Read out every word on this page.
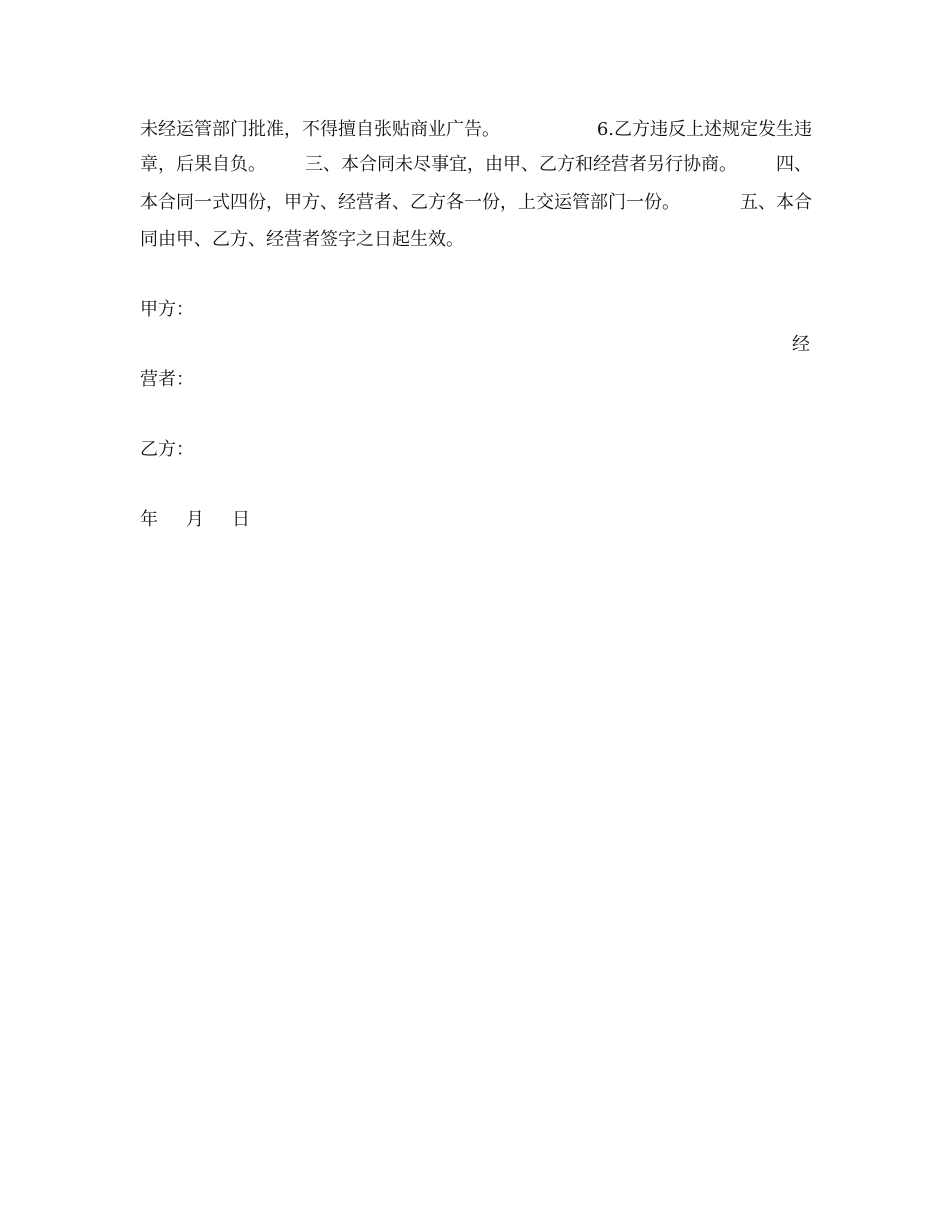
未经运管部门批准，不得擅自张贴商业广告。	6.乙方违反上述规定发生违
章，后果自负。 三、本合同未尽事宜，由甲、乙方和经营者另行协商。 四、
本合同一式四份，甲方、经营者、乙方各一份，上交运管部门一份。	五、本合
同由甲、乙方、经营者签字之日起生效。
甲方：
经
营者：
乙方：
年 月 日
